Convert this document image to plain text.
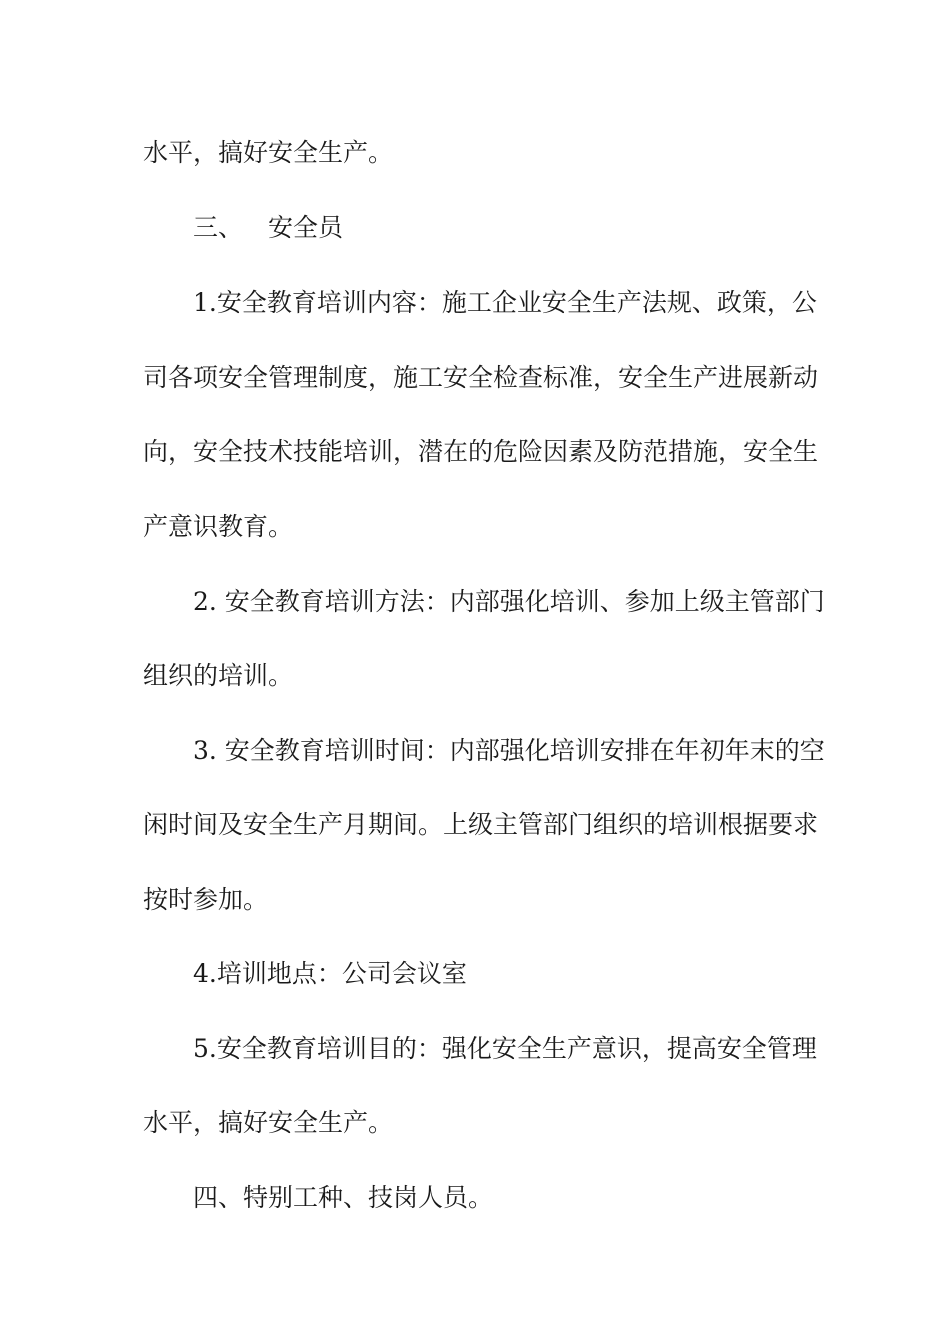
水平，搞好安全生产。
三、 安全员
1.安全教育培训内容：施工企业安全生产法规、政策，公
司各项安全管理制度，施工安全检查标准，安全生产进展新动
向，安全技术技能培训，潜在的危险因素及防范措施，安全生
产意识教育。
2. 安全教育培训方法：内部强化培训、参加上级主管部门
组织的培训。
3. 安全教育培训时间：内部强化培训安排在年初年末的空
闲时间及安全生产月期间。上级主管部门组织的培训根据要求
按时参加。
4.培训地点：公司会议室
5.安全教育培训目的：强化安全生产意识，提高安全管理
水平，搞好安全生产。
四、特别工种、技岗人员。
